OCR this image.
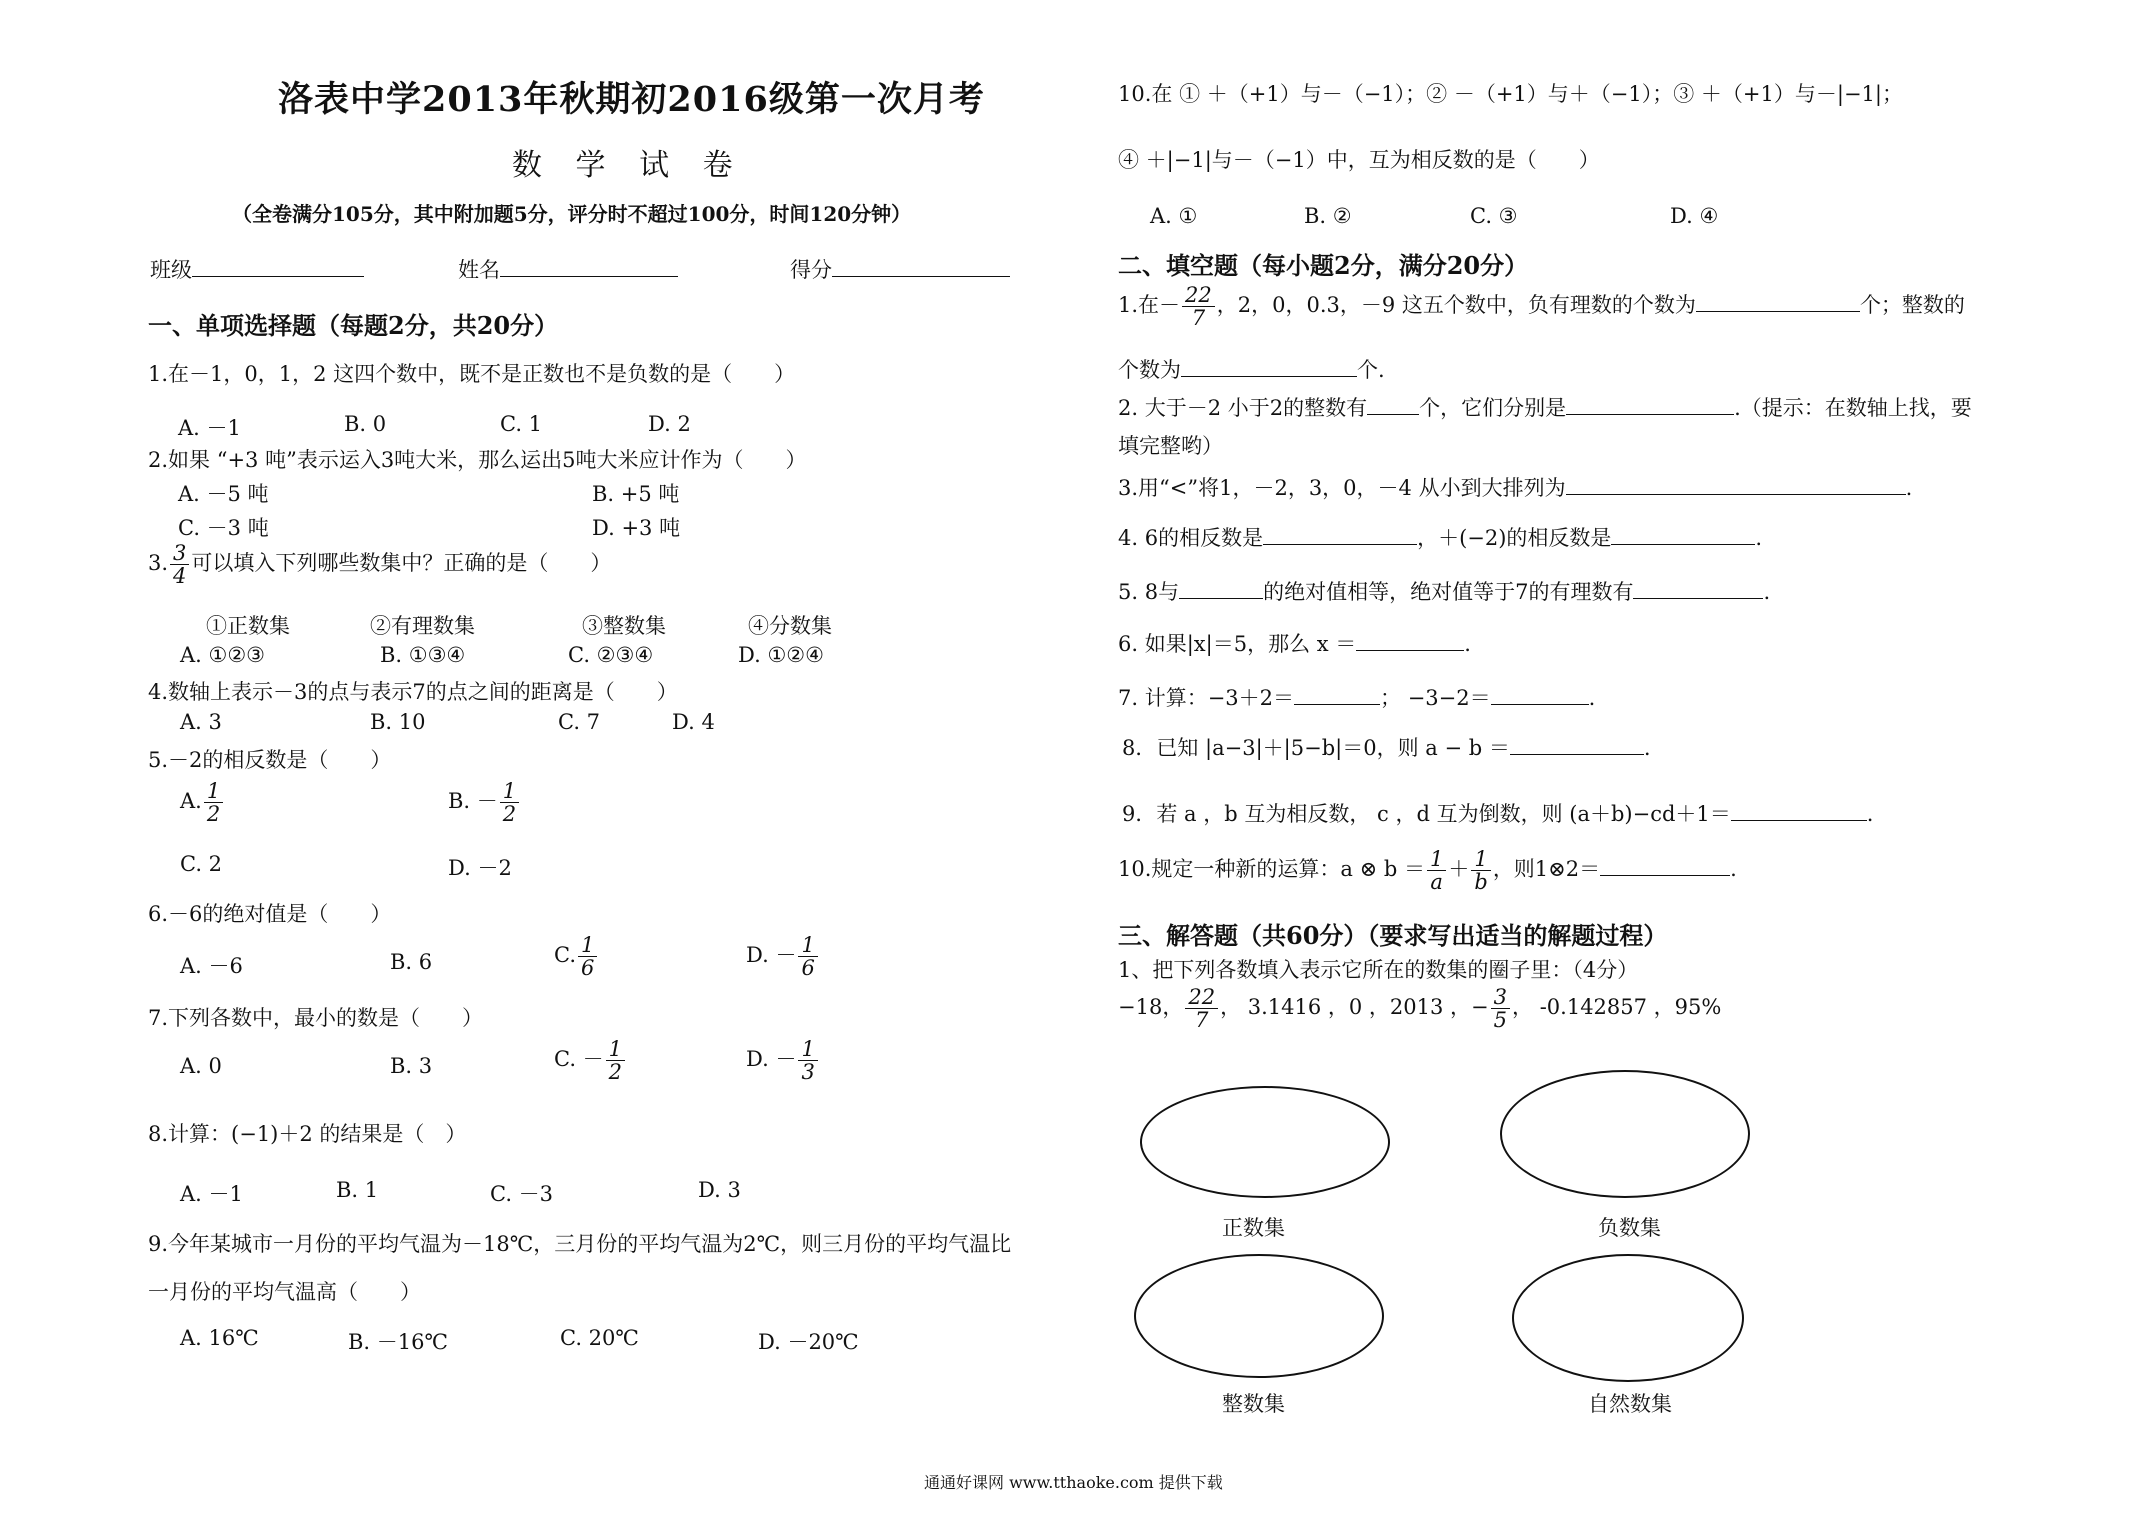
洛表中学2013年秋期初2016级第一次月考
数 学 试 卷
（全卷满分105分，其中附加题5分，评分时不超过100分，时间120分钟）
班级	姓名	得分
一、单项选择题（每题2分，共20分）
1.在－1，0，1，2 这四个数中，既不是正数也不是负数的是（　　）
A. －1	B. 0	C. 1	D. 2
2.如果 “+3 吨”表示运入3吨大米，那么运出5吨大米应计作为（　　）
A. －5 吨	B. +5 吨
C. －3 吨	D. +3 吨
3. $\frac{3}{4}$ 可以填入下列哪些数集中？正确的是（　　）
①正数集	②有理数集	③整数集	④分数集
A. ①②③	B. ①③④	C. ②③④	D. ①②④
4.数轴上表示－3的点与表示7的点之间的距离是（　　）
A. 3	B. 10	C. 7	D. 4
5.－2的相反数是（　　）
A. $\frac{1}{2}$	B. － $\frac{1}{2}$
C. 2	D. －2
6.－6的绝对值是（　　）
A. －6	B. 6	C. $\frac{1}{6}$	D. － $\frac{1}{6}$
7.下列各数中，最小的数是（　　）
A. 0	B. 3	C. － $\frac{1}{2}$	D. － $\frac{1}{3}$
8.计算：(−1)＋2 的结果是（　）
A. －1	B. 1	C. －3	D. 3
9.今年某城市一月份的平均气温为－18℃，三月份的平均气温为2℃，则三月份的平均气温比
一月份的平均气温高（　　）
A. 16℃	B. －16℃	C. 20℃	D. －20℃
10.在 ① ＋（+1）与－（−1）；② －（+1）与＋（−1）；③ ＋（+1）与－|−1|；
④ ＋|−1|与－（−1）中，互为相反数的是（　　）
A. ①	B. ②	C. ③	D. ④
二、填空题（每小题2分，满分20分）
1.在－ $\frac{22}{7}$ ，2，0，0.3，－9 这五个数中，负有理数的个数为	个；整数的
个数为	个.
2. 大于－2 小于2的整数有 个，它们分别是	.（提示：在数轴上找，要
填完整哟）
3.用“<”将1，－2，3，0，－4 从小到大排列为	.
4. 6的相反数是	，＋(−2)的相反数是	.
5. 8与	的绝对值相等，绝对值等于7的有理数有	.
6. 如果|x|＝5，那么 x ＝	.
7. 计算：−3＋2＝	； −3−2＝	.
8．已知 |a−3|＋|5−b|＝0，则 a − b ＝	.
9．若 a ，b 互为相反数， c ，d 互为倒数，则 (a＋b)−cd＋1＝	.
10.规定一种新的运算：a ⊗ $b = \frac{1}{a} + \frac{1}{b}$ ，则1⊗2＝	.
三、解答题（共60分）（要求写出适当的解题过程）
1、把下列各数填入表示它所在的数集的圈子里：（4分）
−18， $\frac{22}{7}$ ， 3.1416 ，0 ，2013 ，− $\frac{3}{5}$ ， -0.142857 ，95%
正数集	负数集
整数集	自然数集
通通好课网 www.tthaoke.com 提供下载
